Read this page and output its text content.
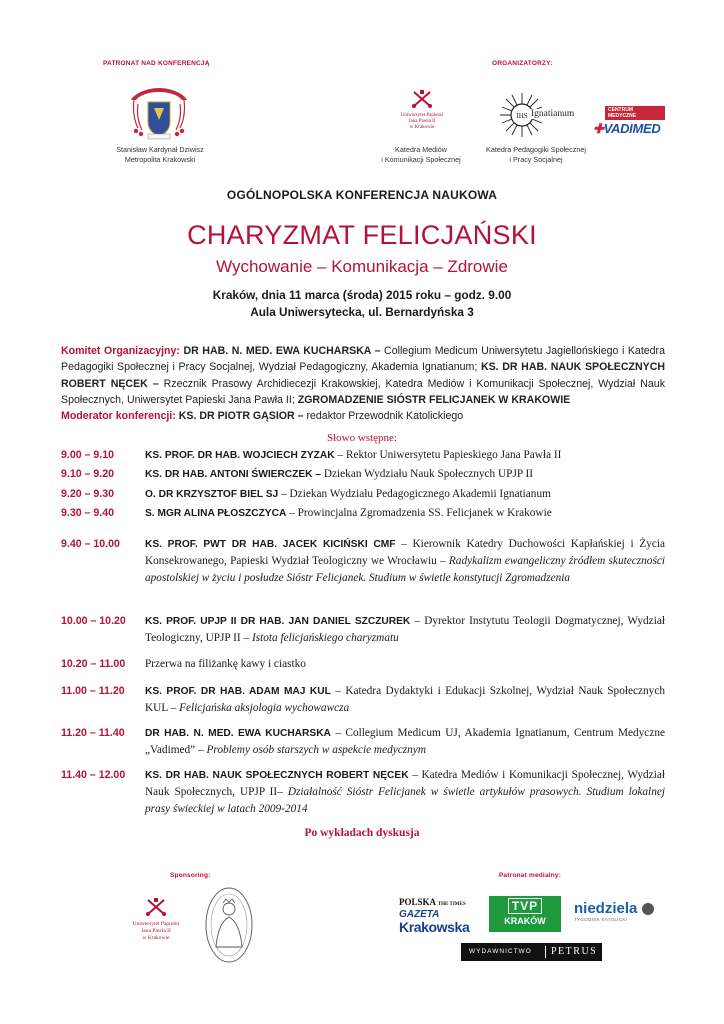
PATRONAT NAD KONFERENCJĄ	ORGANIZATORZY:
Stanisław Kardynał Dziwisz
Metropolita Krakowski
Uniwersytet Papieski
Jana Pawła II
w Krakowie
Katedra Mediów
i Komunikacji Społecznej
IHS Ignatianum
Katedra Pedagogiki Społecznej
i Pracy Socjalnej
CENTRUM MEDYCZNE
✚VADIMED
OGÓLNOPOLSKA KONFERENCJA NAUKOWA
CHARYZMAT FELICJAŃSKI
Wychowanie – Komunikacja – Zdrowie
Kraków, dnia 11 marca (środa) 2015 roku – godz. 9.00
Aula Uniwersytecka, ul. Bernardyńska 3
Komitet Organizacyjny: DR HAB. N. MED. EWA KUCHARSKA – Collegium Medicum Uniwersytetu Jagiellońskiego i Katedra Pedagogiki Społecznej i Pracy Socjalnej, Wydział Pedagogiczny, Akademia Ignatianum; KS. DR HAB. NAUK SPOŁECZNYCH ROBERT NĘCEK – Rzecznik Prasowy Archidiecezji Krakowskiej, Katedra Mediów i Komunikacji Społecznej, Wydział Nauk Społecznych, Uniwersytet Papieski Jana Pawła II; ZGROMADZENIE SIÓSTR FELICJANEK W KRAKOWIE
Moderator konferencji: KS. DR PIOTR GĄSIOR – redaktor Przewodnik Katolickiego
Słowo wstępne:
9.00 – 9.10	KS. PROF. DR HAB. WOJCIECH ZYZAK – Rektor Uniwersytetu Papieskiego Jana Pawła II
9.10 – 9.20	KS. DR HAB. ANTONI ŚWIERCZEK – Dziekan Wydziału Nauk Społecznych UPJP II
9.20 – 9.30	O. DR KRZYSZTOF BIEL SJ – Dziekan Wydziału Pedagogicznego Akademii Ignatianum
9.30 – 9.40	S. MGR ALINA PŁOSZCZYCA – Prowincjalna Zgromadzenia SS. Felicjanek w Krakowie
9.40 – 10.00	KS. PROF. PWT DR HAB. JACEK KICIŃSKI CMF – Kierownik Katedry Duchowości Kapłańskiej i Życia Konsekrowanego, Papieski Wydział Teologiczny we Wrocławiu – Radykalizm ewangeliczny źródłem skuteczności apostolskiej w życiu i posłudze Sióstr Felicjanek. Studium w świetle konstytucji Zgromadzenia
10.00 – 10.20	KS. PROF. UPJP II DR HAB. JAN DANIEL SZCZUREK – Dyrektor Instytutu Teologii Dogmatycznej, Wydział Teologiczny, UPJP II – Istota felicjańskiego charyzmatu
10.20 – 11.00	Przerwa na filiżankę kawy i ciastko
11.00 – 11.20	KS. PROF. DR HAB. ADAM MAJ KUL – Katedra Dydaktyki i Edukacji Szkolnej, Wydział Nauk Społecznych KUL – Felicjańska aksjologia wychowawcza
11.20 – 11.40	DR HAB. N. MED. EWA KUCHARSKA – Collegium Medicum UJ, Akademia Ignatianum, Centrum Medyczne „Vadimed” – Problemy osób starszych w aspekcie medycznym
11.40 – 12.00	KS. DR HAB. NAUK SPOŁECZNYCH ROBERT NĘCEK – Katedra Mediów i Komunikacji Społecznej, Wydział Nauk Społecznych, UPJP II– Działalność Sióstr Felicjanek w świetle artykułów prasowych. Studium lokalnej prasy świeckiej w latach 2009-2014
Po wykładach dyskusja
Sponsoring:	Patronat medialny:
Uniwersytet Papieski
Jana Pawła II
w Krakowie
POLSKA THE TIMES
GAZETA
Krakowska
TVP
KRAKÓW
niedziela
TYGODNIK KATOLICKI
WYDAWNICTWO PETRUS
